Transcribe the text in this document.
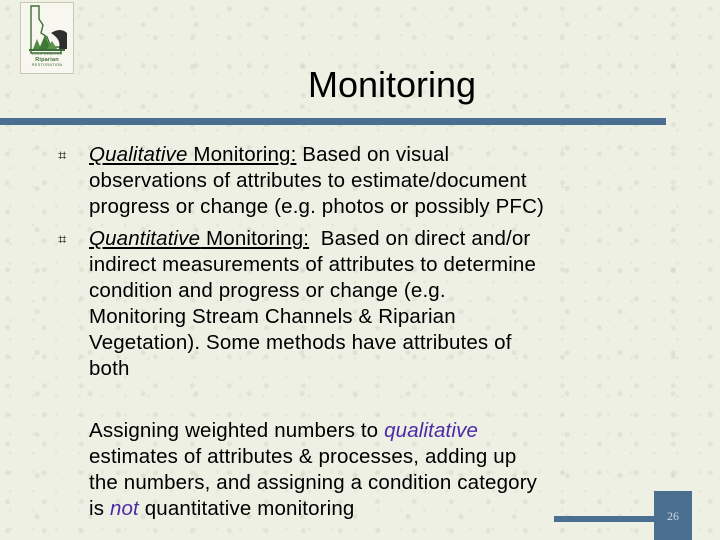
COOPERATIVE
Riparian
RESTORATION	Monitoring
⌗ Qualitative Monitoring: Based on visual
observations of attributes to estimate/document
progress or change (e.g. photos or possibly PFC)
⌗ Quantitative Monitoring:  Based on direct and/or
indirect measurements of attributes to determine
condition and progress or change (e.g.
Monitoring Stream Channels & Riparian
Vegetation). Some methods have attributes of
both
Assigning weighted numbers to qualitative
estimates of attributes & processes, adding up
the numbers, and assigning a condition category
is not quantitative monitoring	26
